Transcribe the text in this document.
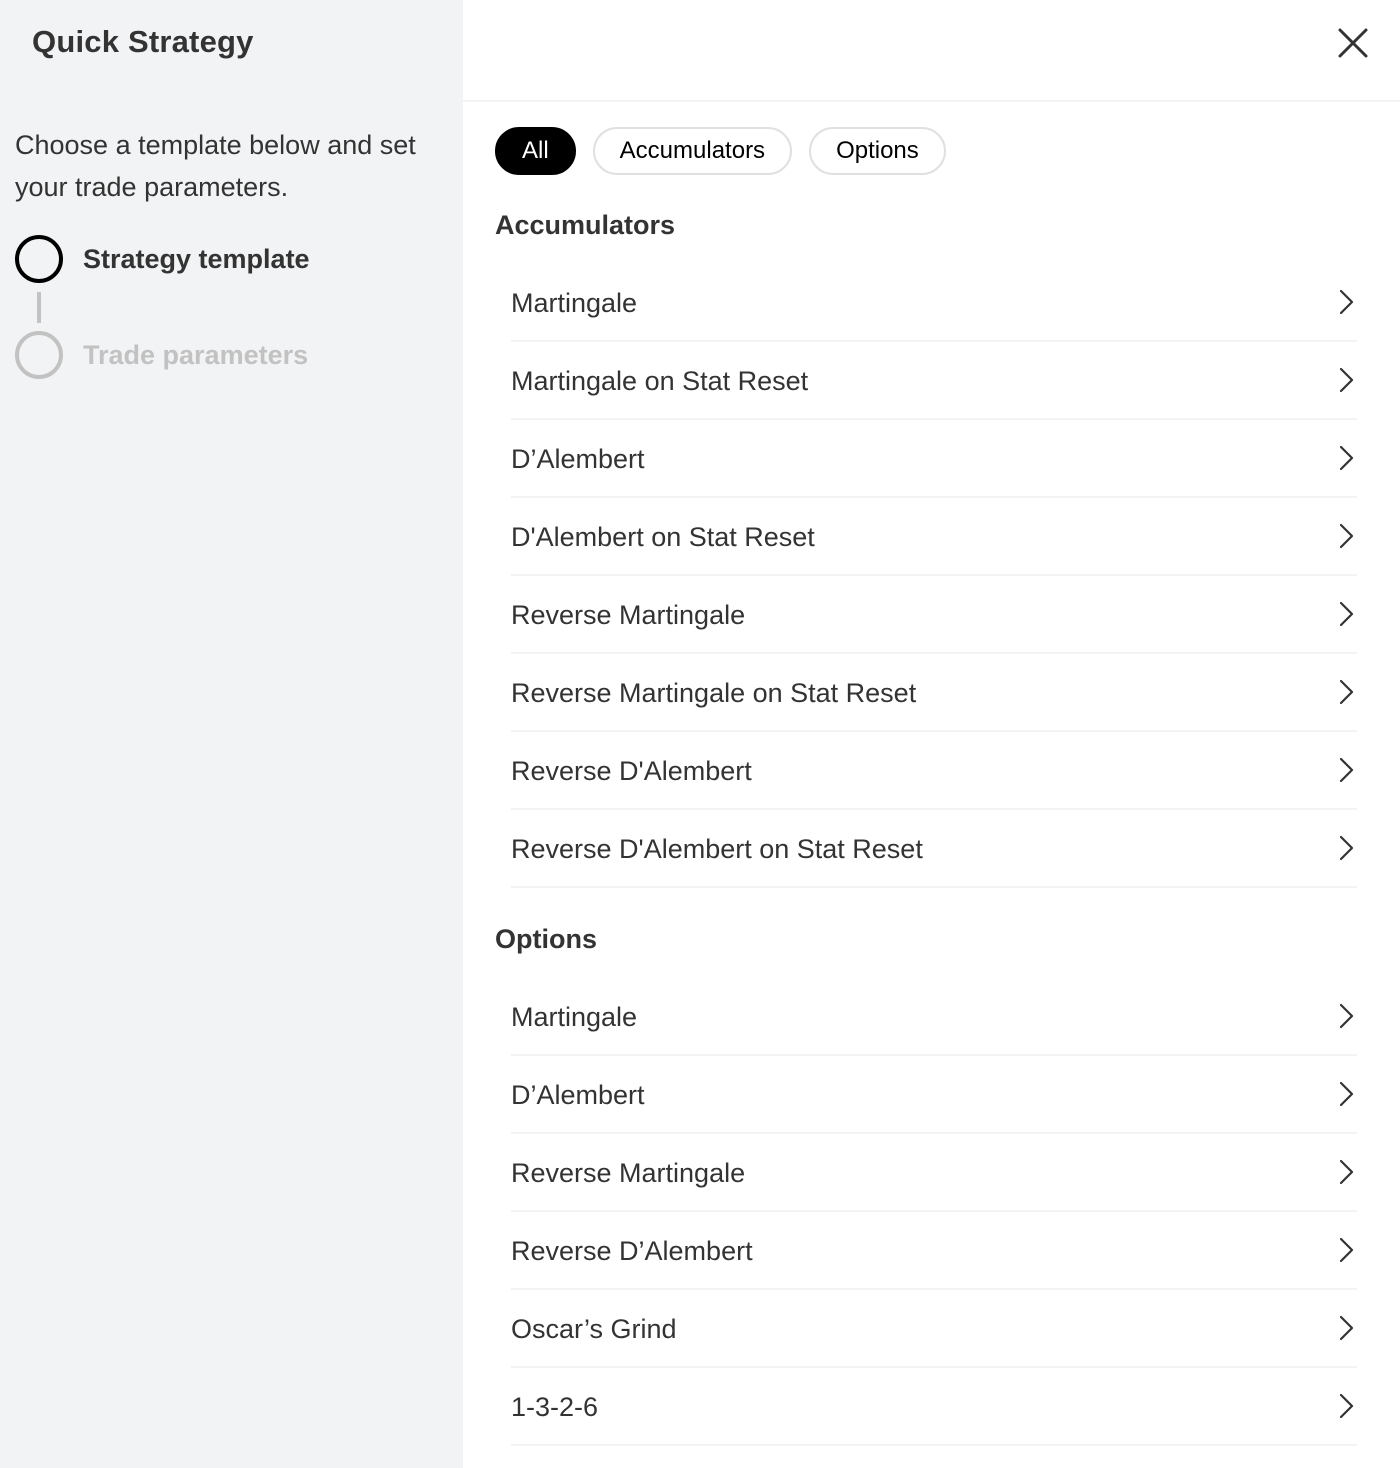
Quick Strategy
Choose a template below and set your trade parameters.
Strategy template
Trade parameters
All	Accumulators	Options
Accumulators
Martingale
Martingale on Stat Reset
D’Alembert
D'Alembert on Stat Reset
Reverse Martingale
Reverse Martingale on Stat Reset
Reverse D'Alembert
Reverse D'Alembert on Stat Reset
Options
Martingale
D’Alembert
Reverse Martingale
Reverse D’Alembert
Oscar’s Grind
1-3-2-6
